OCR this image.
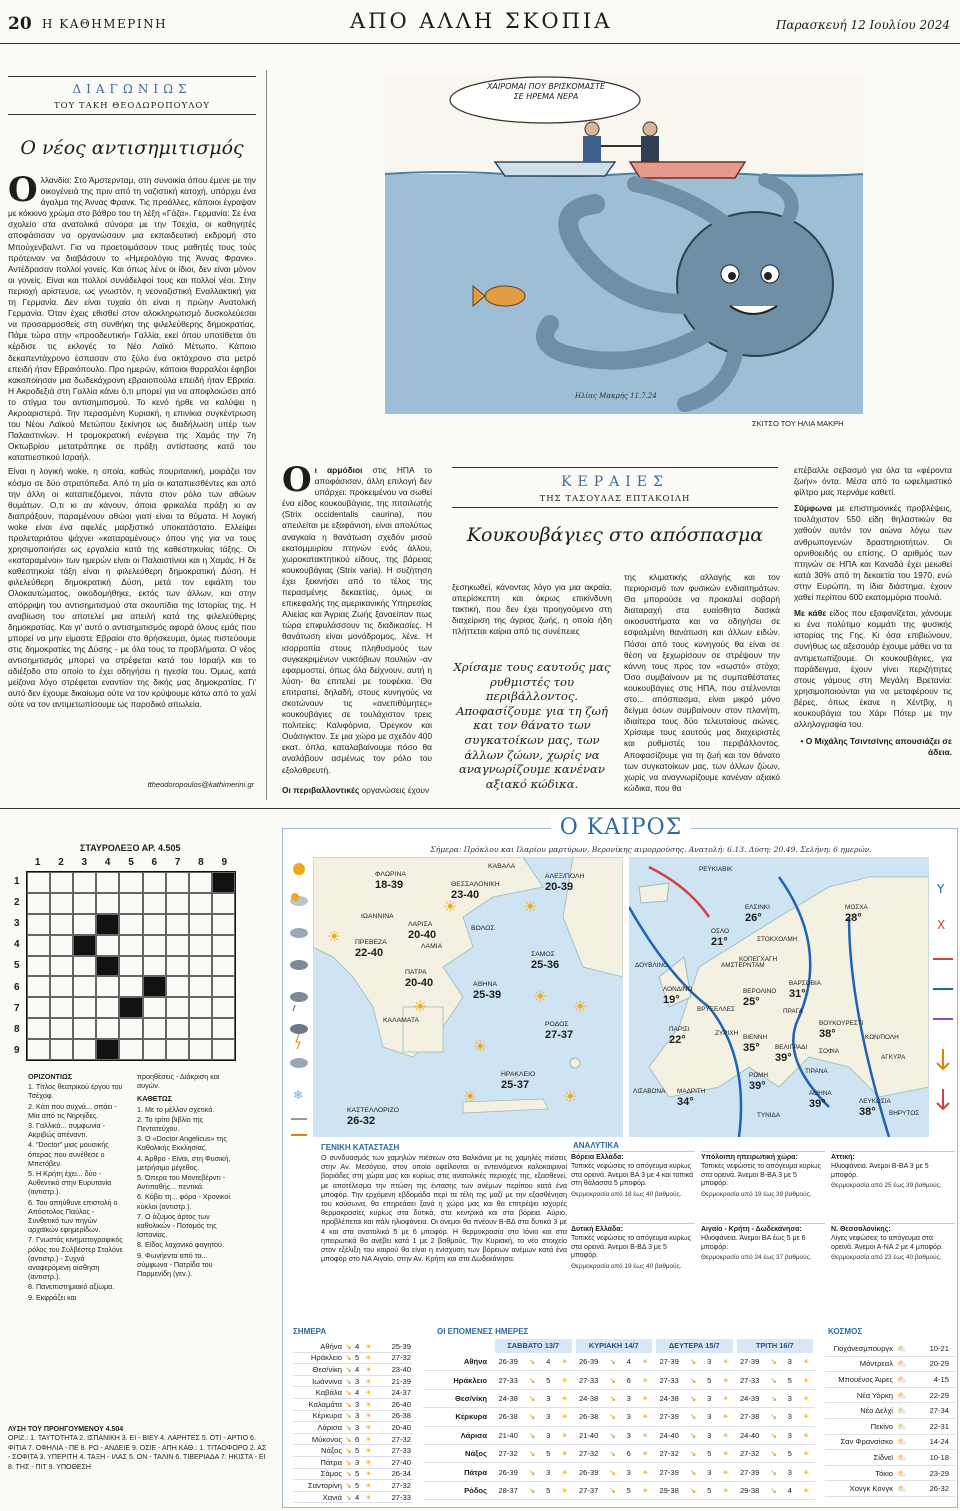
20 Η ΚΑΘΗΜΕΡΙΝΗ	ΑΠΟ ΑΛΛΗ ΣΚΟΠΙΑ	Παρασκευή 12 Ιουλίου 2024
ΔΙΑΓΩΝΙΩΣ
ΤΟΥ ΤΑΚΗ ΘΕΟΔΩΡΟΠΟΥΛΟΥ
Ο νέος αντισημιτισμός
Ο λλανδία: Στο Άμστερνταμ, στη συνοικία όπου έμενε με την οικογένειά της πριν από τη ναζιστική κατοχή, υπάρχει ένα άγαλμα της Άννας Φρανκ. Τις προάλλες, κάποιοι έγραψαν με κόκκινο χρώμα στο βάθρο του τη λέξη «Γάζα». Γερμανία: Σε ένα σχολείο στα ανατολικά σύνορα με την Τσεχία, οι καθηγητές αποφάσισαν να οργανώσουν μια εκπαιδευτική εκδρομή στο Μπούχενβαλντ. Για να προετοιμάσουν τους μαθητές τους τούς πρότειναν να διαβάσουν το «Ημερολόγιο της Άννας Φρανκ». Αντέδρασαν πολλοί γονείς. Και όπως λένε οι ίδιοι, δεν είναι μόνον οι γονείς. Είναι και πολλοί συνάδελφοί τους και πολλοί νέοι. Στην περιοχή αρίστευσε, ως γνωστόν, η νεοναζιστική Εναλλακτική για τη Γερμανία. Δεν είναι τυχαίο ότι είναι η πρώην Ανατολική Γερμανία. Όταν έχεις εθισθεί στον αλοκληρωτισμό δυσκολεύεσαι να προσαρμοσθείς στη συνθήκη της φιλελεύθερης δημοκρατίας. Πάμε τώρα στην «προοδευτική» Γαλλία, εκεί όπου υποτίθεται ότι κέρδισε τις εκλογές το Νέο Λαϊκό Μέτωπο. Κάποιο δεκαπεντάχρονο έσπασαν στο ξύλο ένα οκτάχρονο στα μετρό επειδή ήταν Εβραιόπουλο. Προ ημερών, κάποιοι θαρραλέοι έφηβοι κακοποίησαν μια δωδεκάχρονη εβραιοπούλα επειδή ήταν Εβραία. Η Ακροδεξιά στη Γαλλία κάνει ό,τι μπορεί για να αποφλοιώσει από το στίγμα του αντισημιτισμού. Το κενό ήρθε να καλύψει η Ακροαριστερά. Την περασμένη Κυριακή, η επινίκια συγκέντρωση του Νέου Λαϊκού Μετώπου ξεκίνησε ως διαδήλωση υπέρ των Παλαιστινίων. Η τρομοκρατική ενέργεια της Χαμάς την 7η Οκτωβρίου μετατράπηκε σε πράξη αντίστασης κατά του καταπιεστικού Ισραήλ.
Είναι η λογική woke, η οποία, καθώς πουριτανική, μοιράζει τον κόσμο σε δύο στρατόπεδα. Από τη μία οι καταπιεσθέντες και από την άλλη οι καταπιεζόμενοι, πάντα στον ρόλο των αθώων θυμάτων. Ο,τι κι αν κάνουν, όποια φρικαλέα πράξη κι αν διαπράξουν, παραμένουν αθώοι γιατί είναι τα θύματα. Η λογική woke είναι ένα αφελές μαρξιστικό υποκατάστατο. Ελλείψει προλεταριάτου ψάχνει «καταραμένους» όπου γης για να τους χρησιμοποιήσει ως εργαλεία κατά της καθεστηκυίας τάξης. Οι «καταραμένοι» των ημερών είναι οι Παλαιστίνιοι και η Χαμάς. Η δε καθεστηκυία τάξη είναι η φιλελεύθερη δημοκρατική Δύση. Η φιλελεύθερη δημοκρατική Δύση, μετά τον εφιάλτη του Ολοκαυτώματος, οικοδομήθηκε, εκτός των άλλων, και στην απόρριψη του αντισημιτισμού στα σκουπίδια της Ιστορίας της. Η αναβίωση του αποτελεί μια απειλή κατά της φιλελεύθερης δημοκρατίας. Και γι' αυτό ο αντισημιτισμός αφορά όλους εμάς που μπορεί να μην είμαστε Εβραίοι στο θρήσκευμα, όμως πιστεύουμε στις δημοκρατίες της Δύσης - με όλα τους τα προβλήματα. Ο νέος αντισημιτισμός μπορεί να στρέφεται κατά του Ισραήλ και το αδιέξοδο στο οποίο το έχει οδηγήσει η ηγεσία του. Όμως, κατά μείζονα λόγο στρέφεται εναντίον της δικής μας δημοκρατίας. Γι' αυτό δεν έχουμε δικαίωμα ούτε να τον κρύψουμε κάτω από το χαλί ούτε να τον αντιμετωπίσουμε ως παροδικό απωλεία.
ttheodoropoulos@kathimerini.gr
ΧΑΙΡΟΜΑΙ ΠΟΥ ΒΡΙΣΚΟΜΑΣΤΕ ΣΕ ΗΡΕΜΑ ΝΕΡΑ
Ηλίας Μακρής 11.7.24
ΣΚΙΤΣΟ ΤΟΥ ΗΛΙΑ ΜΑΚΡΗ
Ο ι αρμόδιοι στις ΗΠΑ το αποφάσισαν, άλλη επιλογή δεν υπάρχει: προκειμένου να σωθεί ένα είδος κουκουβάγιας, της πιτσιλωτής (Strix occidentalis caurina), που απειλείται με εξαφάνιση, είναι απολύτως αναγκαία η θανάτωση σχεδόν μισού εκατομμυρίου πτηνών ενός άλλου, χωροκατακτητικού είδους, της βάρειας κουκουβάγιας (Strix varia). Η συζήτηση έχει ξεκινήσει από το τέλος της περασμένης δεκαετίας, όμως οι επικεφαλής της αμερικανικής Υπηρεσίας Αλιείας και Άγριας Ζωής ξαναείπαν πως τώρα επιφυλάσσουν τις διαδικασίες. Η θανάτωση είναι μονόδρομος, λένε. Η ισορροπία στους πληθυσμούς των συγκεκριμένων νυκτόβιων πουλιών -αν εφαρμοστεί, όπως όλα δείχνουν, αυτή η λύση- θα επιτελεί με τουφέκια. Θα επιτραπεί, δηλαδή, στους κυνηγούς να σκοτώνουν τις «ανεπιθύμητες» κουκουβάγιες σε τουλάχιστον τρεις πολιτείες: Καλιφόρνια, Όρεγκον και Ουάσιγκτον. Σε μια χώρα με σχεδόν 400 εκατ. όπλα, καταλαβαίνουμε πόσο θα αναλάβουν ασμένως τον ρόλο του εξολοθρευτή.
Οι περιβαλλοντικές οργανώσεις έχουν
ΚΕΡΑΙΕΣ
ΤΗΣ ΤΑΣΟΥΛΑΣ ΕΠΤΑΚΟΙΛΗ
Κουκουβάγιες στο απόσπασμα
ξεσηκωθεί, κάνοντας λόγο για μια ακραία, απερίσκεπτη και όκρως επικίνδυνη τακτική, που δεν έχει προηγούμενο στη διαχείριση της άγριας ζωής, η οποία ήδη πλήττεται καίρια από τις συνέπειες
Χρίσαμε τους εαυτούς μας ρυθμιστές του περιβάλλοντος. Αποφασίζουμε για τη ζωή και τον θάνατο των συγκατοίκων μας, των άλλων ζώων, χωρίς να αναγνωρίζουμε κανέναν αξιακό κώδικα.
της κλιματικής αλλαγής και τον περιορισμό των φυσικών ενδιαιτημάτων. Θα μπορούσε να προκαλεί σοβαρή διαταραχή στα ευαίσθητα δασικά οικοσυστήματα και να οδηγήσει σε εσφαλμένη θανάτωση και άλλων ειδών. Πόσοι από τους κυνηγούς θα είναι σε θέση να ξεχωρίσουν σε στρέψουν την κάννη τους προς τον «σωστό» στόχο; Όσο συμβαίνουν με τις συμπαθέστατες κουκουβάγιες στις ΗΠΑ, που στέλνονται στο... απόσπασμα, είναι μικρό μόνο δείγμα όσων συμβαίνουν στον πλανήτη, ιδιαίτερα τους δύο τελευταίους αιώνες. Χρίσαμε τους εαυτούς μας διαχειριστές και ρυθμιστές του περιβάλλοντος. Αποφασίζουμε για τη ζωή και τον θάνατο των συγκατοίκων μας, των άλλων ζώων, χωρίς να αναγνωρίζουμε κανέναν αξιακό κώδικα, που θα
επέβαλλε σεβασμό για όλα τα «φέροντα ζωήν» όντα. Μέσα από το ωφελιμιστικό φίλτρο μας περνάμε καθετί.
Σύμφωνα με επιστημονικές προβλέψεις, τουλάχιστον 550 είδη θηλαστικών θα χαθούν αυτόν τον αιώνα λόγω των ανθρωπογενών δραστηριοτήτων. Οι ορνιθοειδής ου επίσης. Ο αριθμός των πτηνών σε ΗΠΑ και Καναδά έχει μειωθεί κατά 30% από τη δεκαετία του 1970, ενώ στην Ευρώπη, τη ίδια διάστημα, έχουν χαθεί περίπου 600 εκατομμύρια πουλιά.
Με κάθε είδος που εξαφανίζεται, χάνουμε κι ένα πολύτιμο κομμάτι της φυσικής ιστορίας της Γης. Κι όσα επιβιώνουν, συνήθως ως αξεσουάρ έχουμε μάθει να τα αντιμετωπίζουμε. Οι κουκουβάγιες, για παράδειγμα, έχουν γίνει περιζήτητες στους γάμους στη Μεγάλη Βρετανία: χρησιμοποιούνται για να μεταφέρουν τις βέρες, όπως έκανε η Χέντβιχ, η κουκουβάγια του Χάρι Πότερ με την αλληλογραφία του.
• Ο Μιχάλης Τσιντσίνης απουσιάζει σε άδεια.
ΣΤΑΥΡΟΛΕΞΟ ΑΡ. 4.505
1	2	3	4	5	6	7	8	9
1
2
3
4
5
6
7
8
9
ΟΡΙΖΟΝΤΙΩΣ
1. Τίτλος θεατρικού έργου του Τσέχοφ.
2. Κάτι που συχνά... σπάει - Μία από τις Νηρηίδες.
3. Γαλλικά... συμφωνία - Ακριβώς απέναντι.
4. "Doctor" μιας μουσικής όπερας που συνέθεσε ο Μπετόβεν.
5. Η Κρήτη έχει... δύο - Αυθεντικό στην Ευρυτανία (αντιστρ.).
6. Του απηύθυνε επιστολή ο Απόστολος Παύλος - Συνθετικό των πηγών αρχαϊκών εφημερίδων.
7. Γνωστός κινηματογραφικός ρόλος του Συλβέστερ Σταλόνε (αντιστρ.) - Συχνά αναφερόμενη αίσθηση (αντιστρ.).
8. Πανεπιστημιακό αξίωμα.
9. Εκφράζει και
προηθέσεις - Διάκριση και αυγών.
ΚΑΘΕΤΩΣ
1. Με το μέλλον σχετικά.
2. Το τρίτο βιβλίο της Πεντατεύχου.
3. Ο «Doctor Angelicus» της Καθολικής Εκκλησίας.
4. Άρθρο - Είναι, στη Φυσική, μετρήσιμο μέγεθος.
5. Όπερα του Μοντεβέρντι - Αντιπαθής... πεντικά.
6. Κόβει τη... φόρα - Χρονικοί κύκλοι (αντιστρ.).
7. Ο άζυμος άρτος των καθολικών - Ποταμός της Ισπανίας.
8. Είδος λαχανικό φαγητού.
9. Φωνήεντα από τα... σύμφωνα - Πατρίδα του Παρμενίδη (γεν.).
ΛΥΣΗ ΤΟΥ ΠΡΟΗΓΟΥΜΕΝΟΥ 4.504
ΟΡΙΖ.: 1. ΤΑΥΤΟΤΗΤΑ 2. ΙΣΠΑΝΙΚΗ 3. ΕΙ - ΒΙΕΥ 4. ΛΑΡΗΤΕΣ 5. ΟΤΙ - ΑΡΤΙΟ 6. ΦΙΤΙΑ 7. ΟΦΗΛΙΑ - ΠΕ 8. ΡΟ - ΑΝΔΕΙΕ 9. ΟΣΙΕ - ΑΠΗ ΚΑΘ.: 1. ΤΙΤΑΟΦΟΡΟ 2. ΑΣ - ΣΟΦΙΤΑ 3. ΥΠΕΡΙΤΗ 4. ΤΑΞΗ - ΙΛΑΣ 5. ΟΝ - ΤΑΛΙΝ 6. ΤΙΒΕΡΙΑΔΑ 7. ΗΚΙΣΤΑ - ΕΙ 8. ΤΗΣ - ΠΙΤ 9. ΥΠΟΘΕΣΗ
Ο ΚΑΙΡΟΣ
Σήμερα: Πρόκλου και Ιλαρίου μαρτύρων, Βερονίκης αιμορρούσης. Ανατολή: 6.13. Δύση: 20.49. Σελήνη: 6 ημερών.
❄
ΦΛΩΡΙΝΑ
18-39
ΚΑΒΑΛΑ
ΘΕΣΣΑΛΟΝΙΚΗ
23-40
ΑΛΕΞ/ΠΟΛΗ
20-39
ΙΩΑΝΝΙΝΑ
ΛΑΡΙΣΑ
20-40
ΒΟΛΟΣ
ΛΑΜΙΑ
ΠΡΕΒΕΖΑ
22-40
ΠΑΤΡΑ
20-40	ΑΘΗΝΑ
25-39
ΣΑΜΟΣ
25-36
ΚΑΛΑΜΑΤΑ
ΡΟΔΟΣ
27-37
ΗΡΑΚΛΕΙΟ
25-37
ΚΑΣΤΕΛΛΟΡΙΖΟ
26-32
☀
☀	☀
☀
☀
☀
☀
☀	☀
ΡΕΫΚΙΑΒΙΚ
ΕΛΣΙΝΚΙ
26°
ΜΟΣΧΑ
28°
ΟΣΛΟ
21°	ΣΤΟΚΧΟΛΜΗ
ΚΟΠΕΓΧΑΓΗ
ΔΟΥΒΛΙΝΟ	ΑΜΣΤΕΡΝΤΑΜ
ΒΑΡΣΟΒΙΑ
31°
ΛΟΝΔΙΝΟ
19°
ΒΕΡΟΛΙΝΟ
25°
ΒΡΥΞΕΛΛΕΣ	ΠΡΑΓΑ
ΠΑΡΙΣΙ
22°
ΖΥΡΙΧΗ
ΒΙΕΝΝΗ
35°
ΒΟΥΚΟΥΡΕΣΤΙ
38°
ΒΕΛΙΓΡΑΔΙ
39°
ΣΟΦΙΑ
ΚΩΝ/ΠΟΛΗ
ΑΓΚΥΡΑ
ΡΩΜΗ
39°
ΤΙΡΑΝΑ
ΛΙΣΑΒΟΝΑ ΜΑΔΡΙΤΗ
34°
ΑΘΗΝΑ
39°	ΛΕΥΚΩΣΙΑ
38°
ΤΥΝΙΔΑ	ΒΗΡΥΤΟΣ
Y
X
ΓΕΝΙΚΗ ΚΑΤΑΣΤΑΣΗ
Ο συνδυασμός των χαμηλών πιέσεων στα Βαλκάνια με τις χαμηλές πιέσεις στην Αν. Μεσόγειο, στον οποίο οφείλονται οι εντεινόμενοι καλοκαιρινοί βοριάδες στη χώρα μας και κυρίως στις ανατολικές περιοχές της, εξασθενεί, με αποτέλεσμα την πτώση της έντασης των ανέμων περίπου κατά ένα μποφόρ. Την ερχόμενη εβδομάδα περί τα τέλη της μαζί με την εξασθένηση του καύσωνα, θα επηρεάσει ξανά η χώρα μας και θα επιτρέψει ισχυρές θερμοκρασίες κυρίως στα δυτικά, στα κεντρικά και στα βόρεια. Αύριο, προβλέπεται και πάλι ηλιοφάνεια. Οι άνεμοι θα πνέουν Β-ΒΔ στα δυτικά 3 με 4 και στα ανατολικά 5 με 6 μποφόρ. Η θερμοκρασία στο Ιόνιο και στα ηπειρωτικά θα ανέβει κατά 1 με 2 βαθμούς. Την Κυριακή, το νέο στοιχείο στον εξέλιξη του καιρού θα είναι η ενίσχυση των βόρειων ανέμων κατά ένα μποφόρ στο ΝΑ Αιγαίο, στην Αν. Κρήτη και στα Δωδεκάνησα.
ΑΝΑΛΥΤΙΚΑ
Βόρεια Ελλάδα:
Τοπικές νεφώσεις το απόγευμα κυρίως στα ορεινά. Άνεμοι ΒΑ 3 με 4 και τοπικά στη θάλασσα 5 μποφόρ.
Θερμοκρασία από 18 έως 40 βαθμούς.
Υπόλοιπη ηπειρωτική χώρα:
Τοπικές νεφώσεις το απόγευμα κυρίως στα ορεινά. Άνεμοι Β-ΒΑ 3 με 5 μποφόρ.
Θερμοκρασία από 19 έως 39 βαθμούς.
Αττική:
Ηλιοφάνεια. Άνεμοι Β-ΒΑ 3 με 5 μποφόρ.
Θερμοκρασία από 25 έως 39 βαθμούς.
Δυτική Ελλάδα:
Τοπικές νεφώσεις το απόγευμα κυρίως στα ορεινά. Άνεμοι Β-ΒΔ 3 με 5 μποφόρ.
Θερμοκρασία από 19 έως 40 βαθμούς.
Αιγαίο - Κρήτη - Δωδεκάνησα:
Ηλιοφάνεια. Άνεμοι ΒΑ έως 5 με 6 μποφόρ.
Θερμοκρασία από 24 έως 37 βαθμούς.
Ν. Θεσσαλονίκης:
Λίγες νεφώσεις το απόγευμα στα ορεινά. Άνεμοι Α-ΝΑ 2 με 4 μποφόρ.
Θερμοκρασία από 23 έως 40 βαθμούς.
ΣΗΜΕΡΑ
Αθήνα ↘ 4 ☀	25-39
Ηράκλειο ↘ 5 ☀	27-32
Θεσ/νίκη ↘ 4 ☀	23-40
Ιωάννινα ↘ 3 ☀	21-39
Καβάλα ↘ 4 ☀	24-37
Καλαμάτα ↘ 3 ☀	26-40
Κέρκυρα ↘ 3 ☀	26-38
Λάρισα ↘ 3 ☀	20-40
Μύκονος ↘ 6 ☀	27-32
Νάξος ↘ 5 ☀	27-33
Πάτρα ↘ 3 ☀	27-40
Σάμος ↘ 5 ☀	26-34
Σαντορίνη ↘ 5 ☀	27-32
Χανιά ↘ 4 ☀	27-33
ΟΙ ΕΠΟΜΕΝΕΣ ΗΜΕΡΕΣ
ΣΑΒΒΑΤΟ 13/7	ΚΥΡΙΑΚΗ 14/7	ΔΕΥΤΕΡΑ 15/7	ΤΡΙΤΗ 16/7
Αθήνα	26-39 ↘ 4 ☀ 26-39 ↘ 4 ☀ 27-39 ↘ 3 ☀ 27-39 ↘ 3 ☀
Ηράκλειο	27-33 ↘ 5 ☀ 27-33 ↘ 6 ☀ 27-33 ↘ 5 ☀ 27-33 ↘ 5 ☀
Θεσ/νίκη	24-38 ↘ 3 ☀ 24-38 ↘ 3 ☀ 24-38 ↘ 3 ☀ 24-39 ↘ 3 ☀
Κέρκυρα	26-38 ↘ 3 ☀ 26-38 ↘ 3 ☀ 27-39 ↘ 3 ☀ 27-38 ↘ 3 ☀
Λάρισα	21-40 ↘ 3 ☀ 21-40 ↘ 3 ☀ 24-40 ↘ 3 ☀ 24-40 ↘ 3 ☀
Νάξος	27-32 ↘ 5 ☀ 27-32 ↘ 6 ☀ 27-32 ↘ 5 ☀ 27-32 ↘ 5 ☀
Πάτρα	26-39 ↘ 3 ☀ 26-39 ↘ 3 ☀ 27-39 ↘ 3 ☀ 27-39 ↘ 3 ☀
Ρόδος	28-37 ↘ 5 ☀ 27-37 ↘ 5 ☀ 29-38 ↘ 5 ☀ 29-38 ↘ 4 ☀
ΚΟΣΜΟΣ
Γιοχάνεσμπουργκ ⛅	10-21
Μόντρεαλ ⛅	20-29
Μπουένος Άιρες ⛅	4-15
Νέα Υόρκη ⛅	22-29
Νέο Δελχί ⛅	27-34
Πεκίνο ⛅	22-31
Σαν Φρανσίσκο ⛅	14-24
Σίδνεϊ ⛅	10-18
Τόκιο ⛅	23-29
Χονγκ Κονγκ ⛅	26-32
